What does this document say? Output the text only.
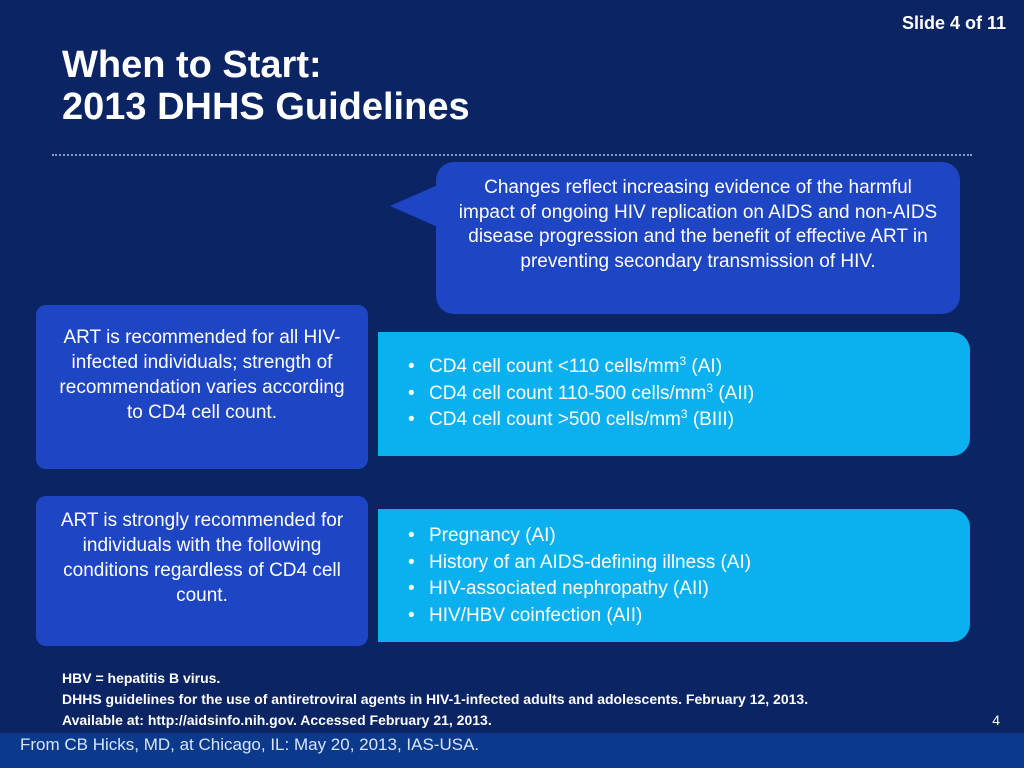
Slide 4 of 11
When to Start:
2013 DHHS Guidelines

Changes reflect increasing evidence of the harmful impact of ongoing HIV replication on AIDS and non-AIDS disease progression and the benefit of effective ART in preventing secondary transmission of HIV.

ART is recommended for all HIV-infected individuals; strength of recommendation varies according to CD4 cell count.

• CD4 cell count <110 cells/$mm^3$ (AI)
• CD4 cell count 110-500 cells/$mm^3$ (AII)
• CD4 cell count >500 cells/$mm^3$ (BIII)

ART is strongly recommended for individuals with the following conditions regardless of CD4 cell count.

• Pregnancy (AI)
• History of an AIDS-defining illness (AI)
• HIV-associated nephropathy (AII)
• HIV/HBV coinfection (AII)
HBV = hepatitis B virus.
DHHS guidelines for the use of antiretroviral agents in HIV-1-infected adults and adolescents. February 12, 2013.
Available at: http://aidsinfo.nih.gov. Accessed February 21, 2013.	4
From CB Hicks, MD, at Chicago, IL: May 20, 2013, IAS-USA.
